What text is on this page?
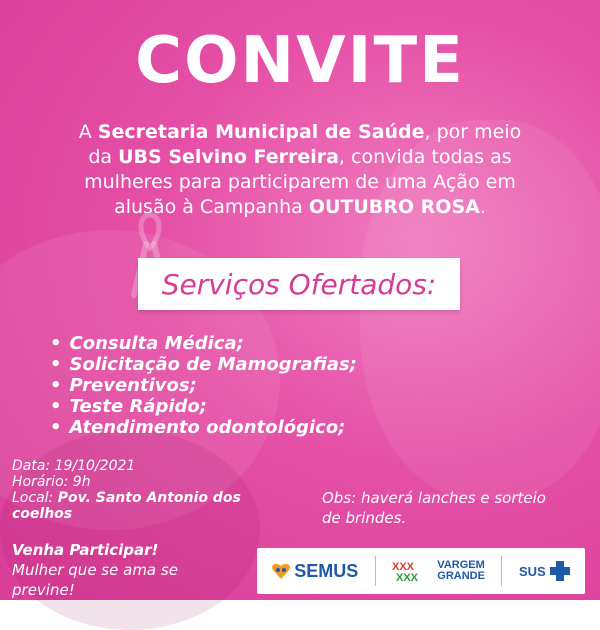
CONVITE
A Secretaria Municipal de Saúde, por meio da UBS Selvino Ferreira, convida todas as mulheres para participarem de uma Ação em alusão à Campanha OUTUBRO ROSA.
Serviços Ofertados:
• Consulta Médica;
• Solicitação de Mamografias;
• Preventivos;
• Teste Rápido;
• Atendimento odontológico;
Data: 19/10/2021
Horário: 9h
Local: Pov. Santo Antonio dos coelhos
Obs: haverá lanches e sorteio de brindes.
Venha Participar!
Mulher que se ama se previne!
SEMUS	XXX
XXX
VARGEM
GRANDE	SUS
